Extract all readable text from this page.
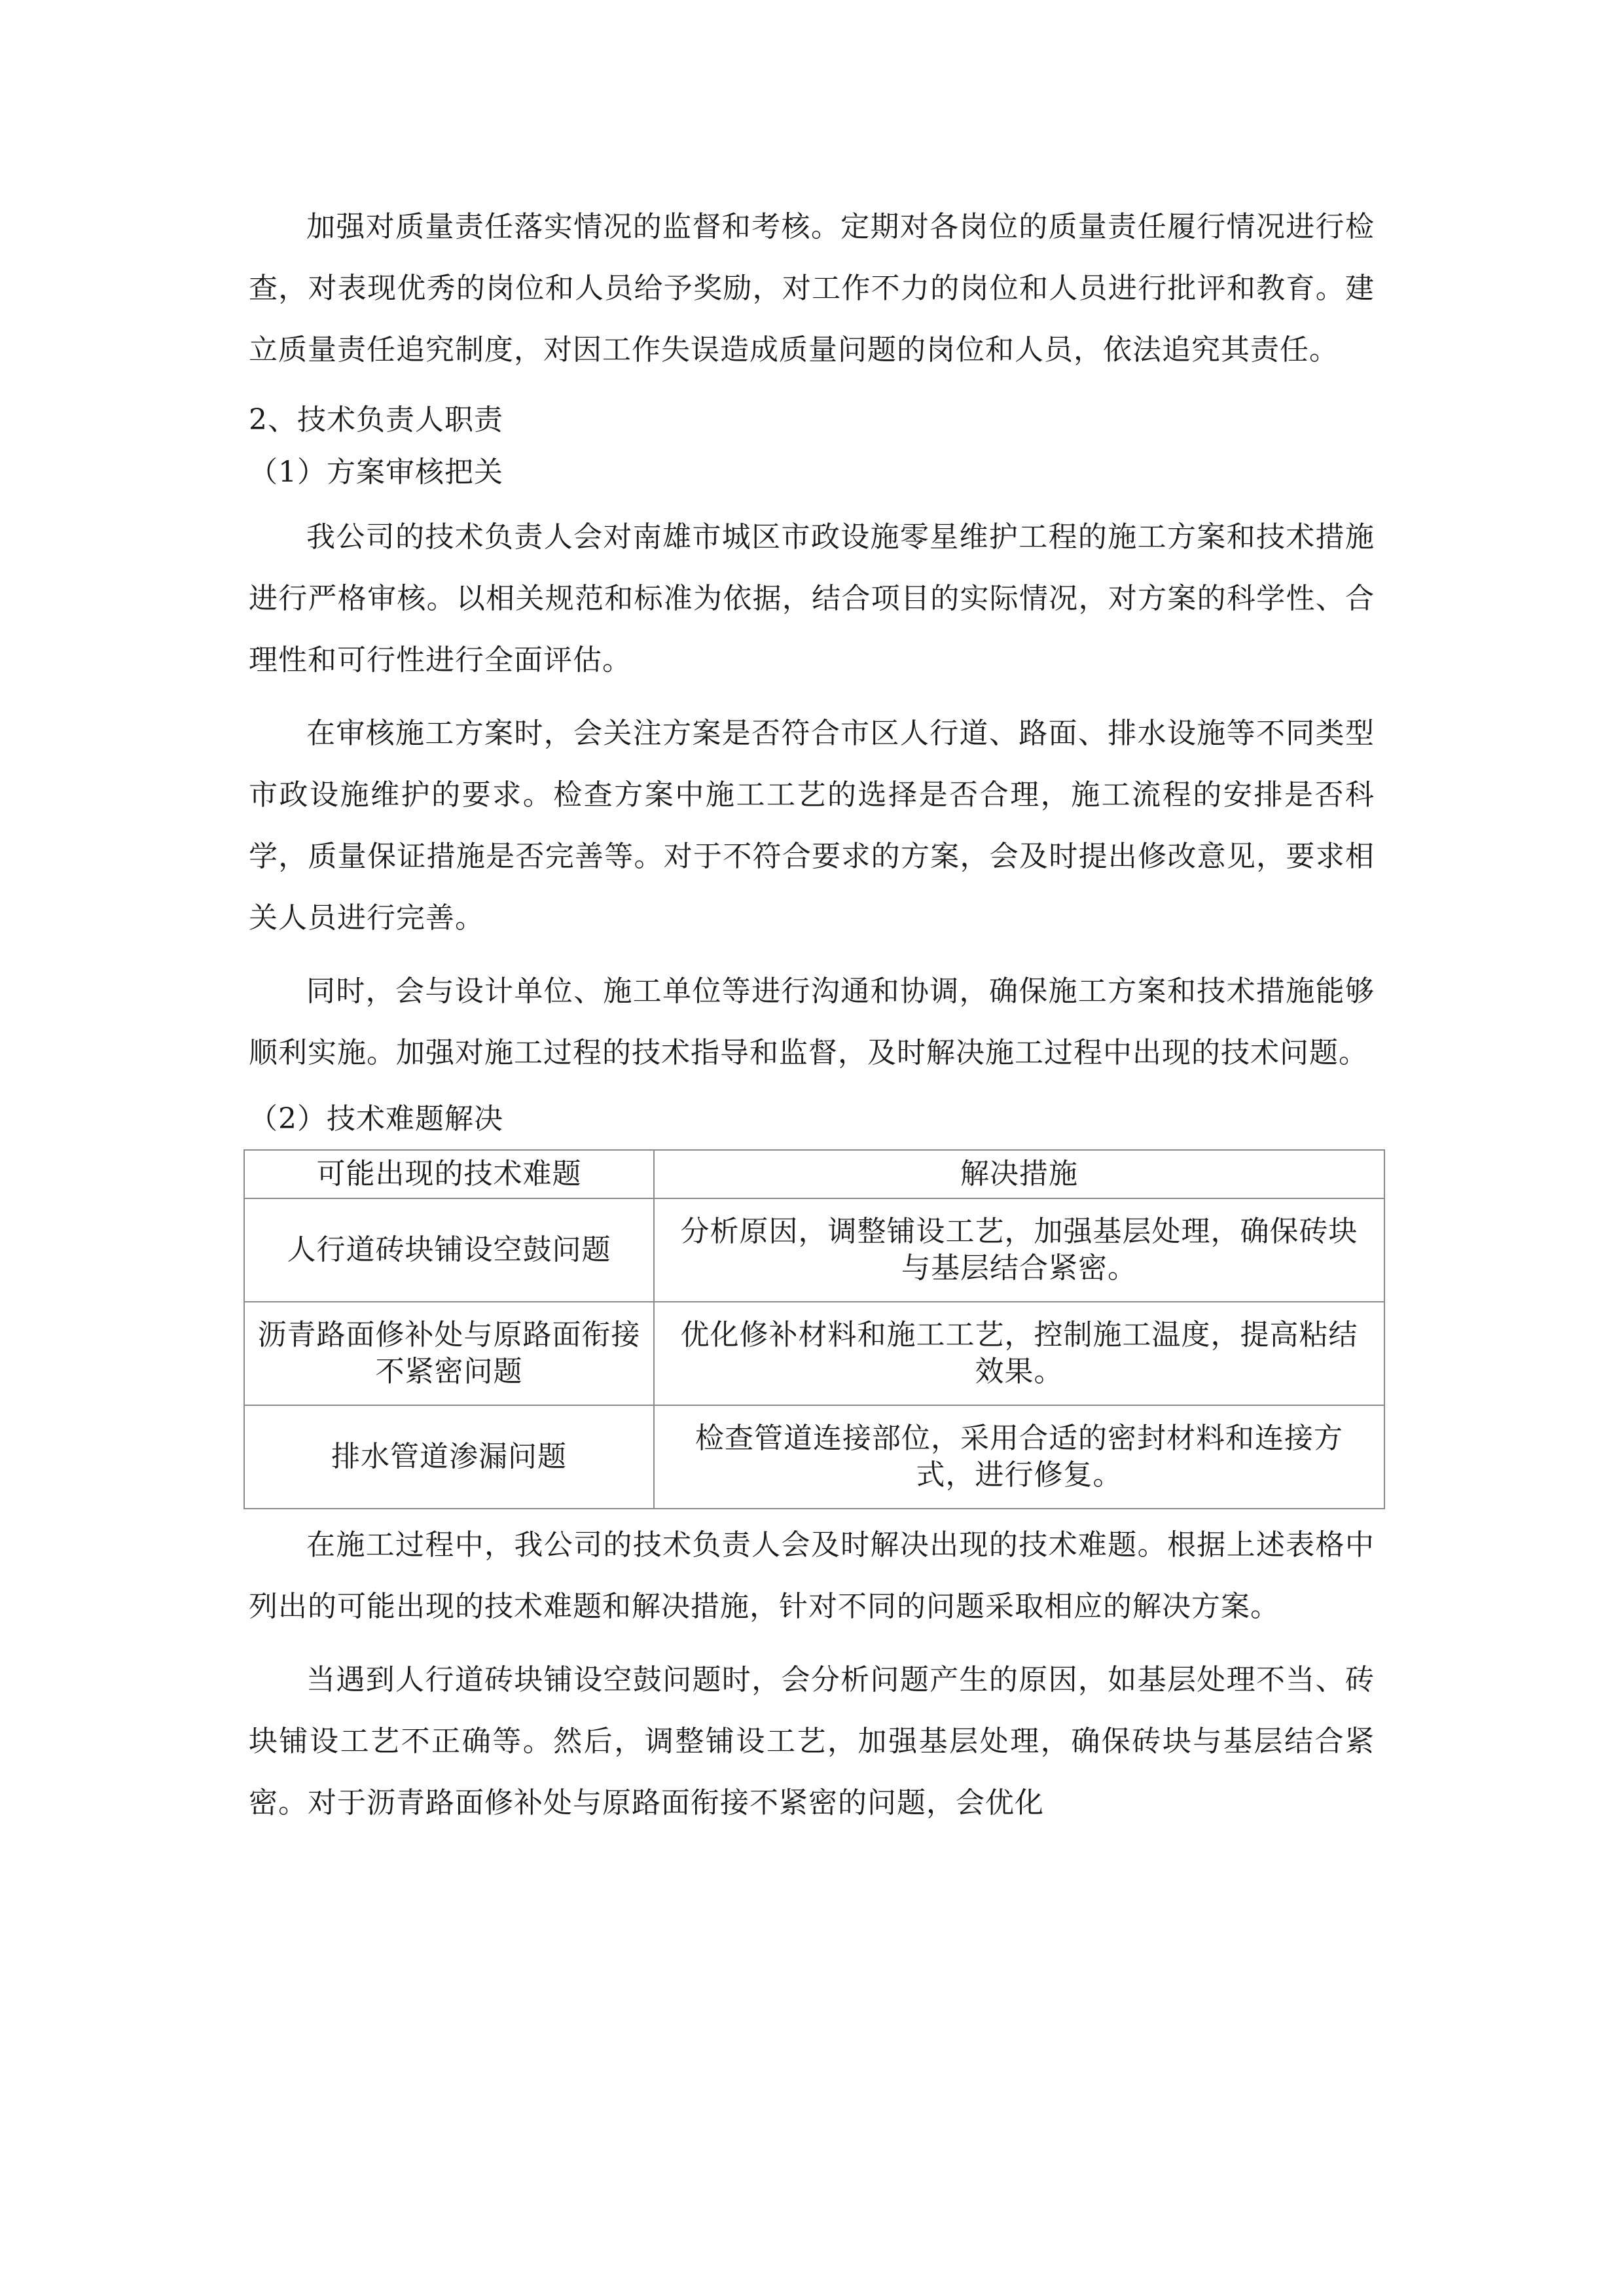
加强对质量责任落实情况的监督和考核。定期对各岗位的质量责任履行情况进行检查，对表现优秀的岗位和人员给予奖励，对工作不力的岗位和人员进行批评和教育。建立质量责任追究制度，对因工作失误造成质量问题的岗位和人员，依法追究其责任。

2、技术负责人职责

（1）方案审核把关

我公司的技术负责人会对南雄市城区市政设施零星维护工程的施工方案和技术措施进行严格审核。以相关规范和标准为依据，结合项目的实际情况，对方案的科学性、合理性和可行性进行全面评估。

在审核施工方案时，会关注方案是否符合市区人行道、路面、排水设施等不同类型市政设施维护的要求。检查方案中施工工艺的选择是否合理，施工流程的安排是否科学，质量保证措施是否完善等。对于不符合要求的方案，会及时提出修改意见，要求相关人员进行完善。

同时，会与设计单位、施工单位等进行沟通和协调，确保施工方案和技术措施能够顺利实施。加强对施工过程的技术指导和监督，及时解决施工过程中出现的技术问题。

（2）技术难题解决

可能出现的技术难题	解决措施
人行道砖块铺设空鼓问题	分析原因，调整铺设工艺，加强基层处理，确保砖块与基层结合紧密。
沥青路面修补处与原路面衔接不紧密问题	优化修补材料和施工工艺，控制施工温度，提高粘结效果。
排水管道渗漏问题	检查管道连接部位，采用合适的密封材料和连接方式，进行修复。

在施工过程中，我公司的技术负责人会及时解决出现的技术难题。根据上述表格中列出的可能出现的技术难题和解决措施，针对不同的问题采取相应的解决方案。

当遇到人行道砖块铺设空鼓问题时，会分析问题产生的原因，如基层处理不当、砖块铺设工艺不正确等。然后，调整铺设工艺，加强基层处理，确保砖块与基层结合紧密。对于沥青路面修补处与原路面衔接不紧密的问题，会优化
